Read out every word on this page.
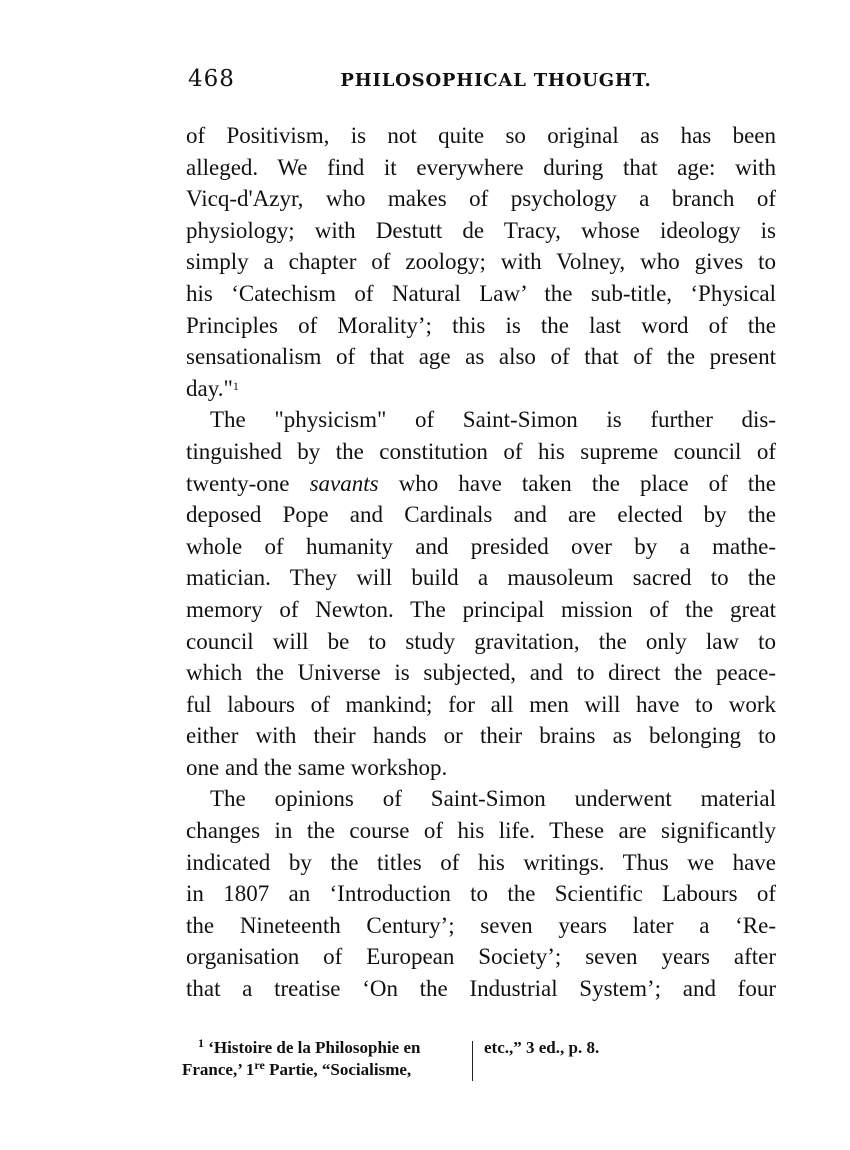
468	PHILOSOPHICAL THOUGHT.
of Positivism, is not quite so original as has been
alleged. We find it everywhere during that age: with
Vicq-d'Azyr, who makes of psychology a branch of
physiology; with Destutt de Tracy, whose ideology is
simply a chapter of zoology; with Volney, who gives to
his ‘Catechism of Natural Law’ the sub-title, ‘Physical
Principles of Morality’; this is the last word of the
sensationalism of that age as also of that of the present
day."$^1$
The "physicism" of Saint-Simon is further dis-
tinguished by the constitution of his supreme council of
twenty-one savants who have taken the place of the
deposed Pope and Cardinals and are elected by the
whole of humanity and presided over by a mathe-
matician. They will build a mausoleum sacred to the
memory of Newton. The principal mission of the great
council will be to study gravitation, the only law to
which the Universe is subjected, and to direct the peace-
ful labours of mankind; for all men will have to work
either with their hands or their brains as belonging to
one and the same workshop.
The opinions of Saint-Simon underwent material
changes in the course of his life. These are significantly
indicated by the titles of his writings. Thus we have
in 1807 an ‘Introduction to the Scientific Labours of
the Nineteenth Century’; seven years later a ‘Re-
organisation of European Society’; seven years after
that a treatise ‘On the Industrial System’; and four
$^1$ ‘Histoire de la Philosophie en
France,’ 1re Partie, “Socialisme,
etc.,” 3 ed., p. 8.
